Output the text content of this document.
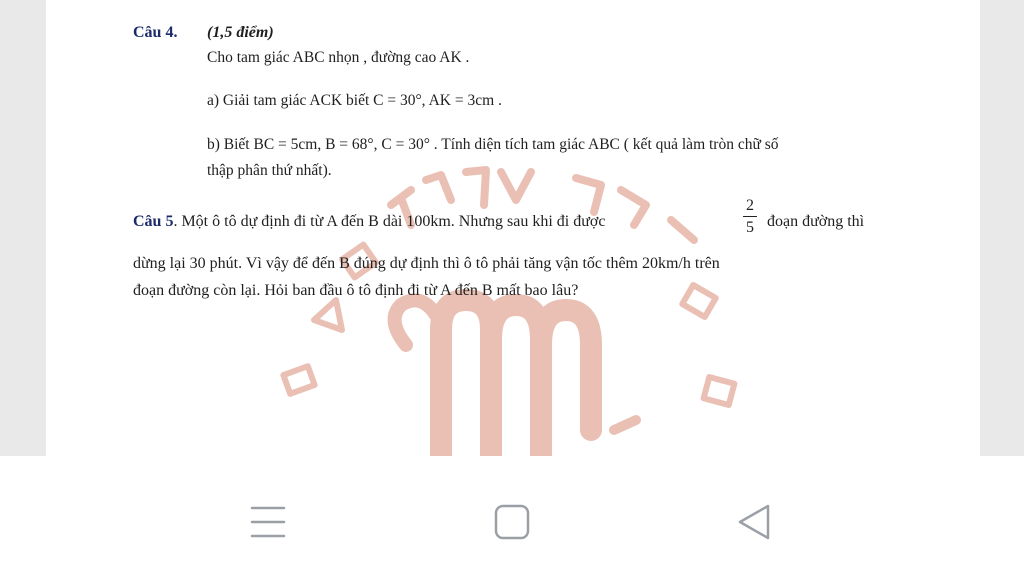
Câu 4. (1,5 điểm)
Cho tam giác ABC nhọn , đường cao AK .
a) Giải tam giác ACK biết C = 30°, AK = 3cm .
b) Biết BC = 5cm, B = 68°, C = 30° . Tính diện tích tam giác ABC ( kết quả làm tròn chữ số
thập phân thứ nhất).
Câu 5. Một ô tô dự định đi từ A đến B dài 100km. Nhưng sau khi đi được
2
5 đoạn đường thì
dừng lại 30 phút. Vì vậy để đến B đúng dự định thì ô tô phải tăng vận tốc thêm 20km/h trên
đoạn đường còn lại. Hỏi ban đầu ô tô định đi từ A đến B mất bao lâu?
